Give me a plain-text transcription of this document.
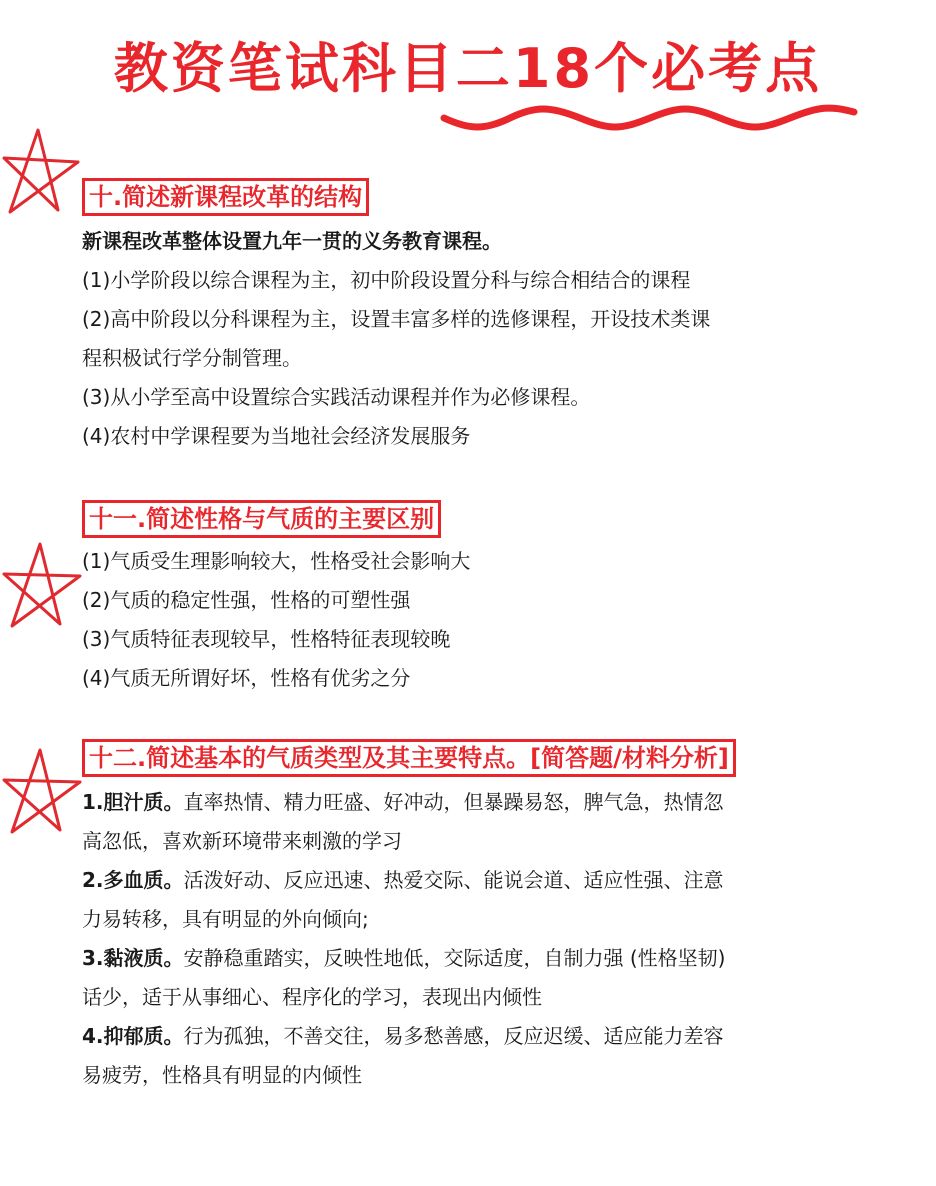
教资笔试科目二18个必考点
十.简述新课程改革的结构

新课程改革整体设置九年一贯的义务教育课程。

(1)小学阶段以综合课程为主，初中阶段设置分科与综合相结合的课程

(2)高中阶段以分科课程为主，设置丰富多样的选修课程，开设技术类课

程积极试行学分制管理。

(3)从小学至高中设置综合实践活动课程并作为必修课程。

(4)农村中学课程要为当地社会经济发展服务

十一.简述性格与气质的主要区别

(1)气质受生理影响较大，性格受社会影响大

(2)气质的稳定性强，性格的可塑性强

(3)气质特征表现较早，性格特征表现较晚

(4)气质无所谓好坏，性格有优劣之分

十二.简述基本的气质类型及其主要特点。[简答题/材料分析]

1.胆汁质。直率热情、精力旺盛、好冲动，但暴躁易怒，脾气急，热情忽

高忽低，喜欢新环境带来刺激的学习

2.多血质。活泼好动、反应迅速、热爱交际、能说会道、适应性强、注意

力易转移，具有明显的外向倾向;

3.黏液质。安静稳重踏实，反映性地低，交际适度，自制力强 (性格坚韧)

话少，适于从事细心、程序化的学习，表现出内倾性

4.抑郁质。行为孤独，不善交往，易多愁善感，反应迟缓、适应能力差容

易疲劳，性格具有明显的内倾性
